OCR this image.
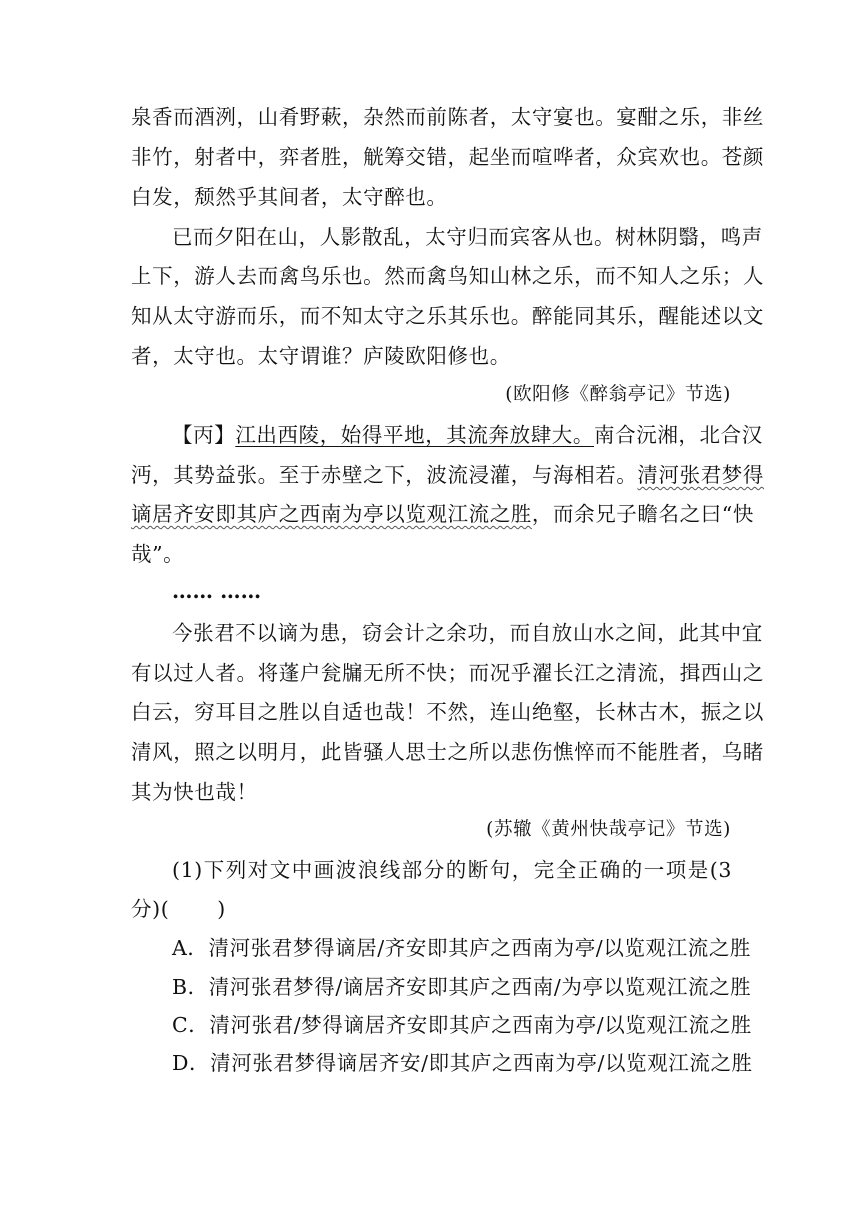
泉香而酒洌，山肴野蔌，杂然而前陈者，太守宴也。宴酣之乐，非丝
非竹，射者中，弈者胜，觥筹交错，起坐而喧哗者，众宾欢也。苍颜
白发，颓然乎其间者，太守醉也。
已而夕阳在山，人影散乱，太守归而宾客从也。树林阴翳，鸣声
上下，游人去而禽鸟乐也。然而禽鸟知山林之乐，而不知人之乐；人
知从太守游而乐，而不知太守之乐其乐也。醉能同其乐，醒能述以文
者，太守也。太守谓谁？庐陵欧阳修也。
(欧阳修《醉翁亭记》节选)
【丙】江出西陵，始得平地，其流奔放肆大。南合沅湘，北合汉
沔，其势益张。至于赤壁之下，波流浸灌，与海相若。清河张君梦得
谪居齐安即其庐之西南为亭以览观江流之胜，而余兄子瞻名之曰“快
哉”。
…… ……
今张君不以谪为患，窃会计之余功，而自放山水之间，此其中宜
有以过人者。将蓬户瓮牖无所不快；而况乎濯长江之清流，揖西山之
白云，穷耳目之胜以自适也哉！不然，连山绝壑，长林古木，振之以
清风，照之以明月，此皆骚人思士之所以悲伤憔悴而不能胜者，乌睹
其为快也哉！
(苏辙《黄州快哉亭记》节选)
(1)下列对文中画波浪线部分的断句，完全正确的一项是(3
分)( )
A．清河张君梦得谪居/齐安即其庐之西南为亭/以览观江流之胜
B．清河张君梦得/谪居齐安即其庐之西南/为亭以览观江流之胜
C．清河张君/梦得谪居齐安即其庐之西南为亭/以览观江流之胜
D．清河张君梦得谪居齐安/即其庐之西南为亭/以览观江流之胜
